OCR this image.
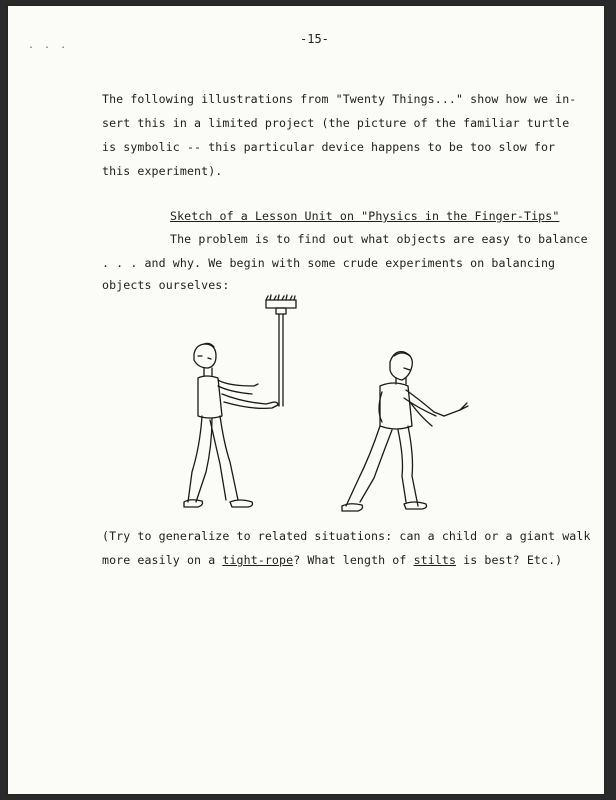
. . .	-15-
The following illustrations from "Twenty Things..." show how we in-
sert this in a limited project (the picture of the familiar turtle
is symbolic -- this particular device happens to be too slow for
this experiment).
Sketch of a Lesson Unit on "Physics in the Finger-Tips"
The problem is to find out what objects are easy to balance
. . . and why. We begin with some crude experiments on balancing
objects ourselves:
(Try to generalize to related situations: can a child or a giant walk
more easily on a tight-rope? What length of stilts is best? Etc.)
